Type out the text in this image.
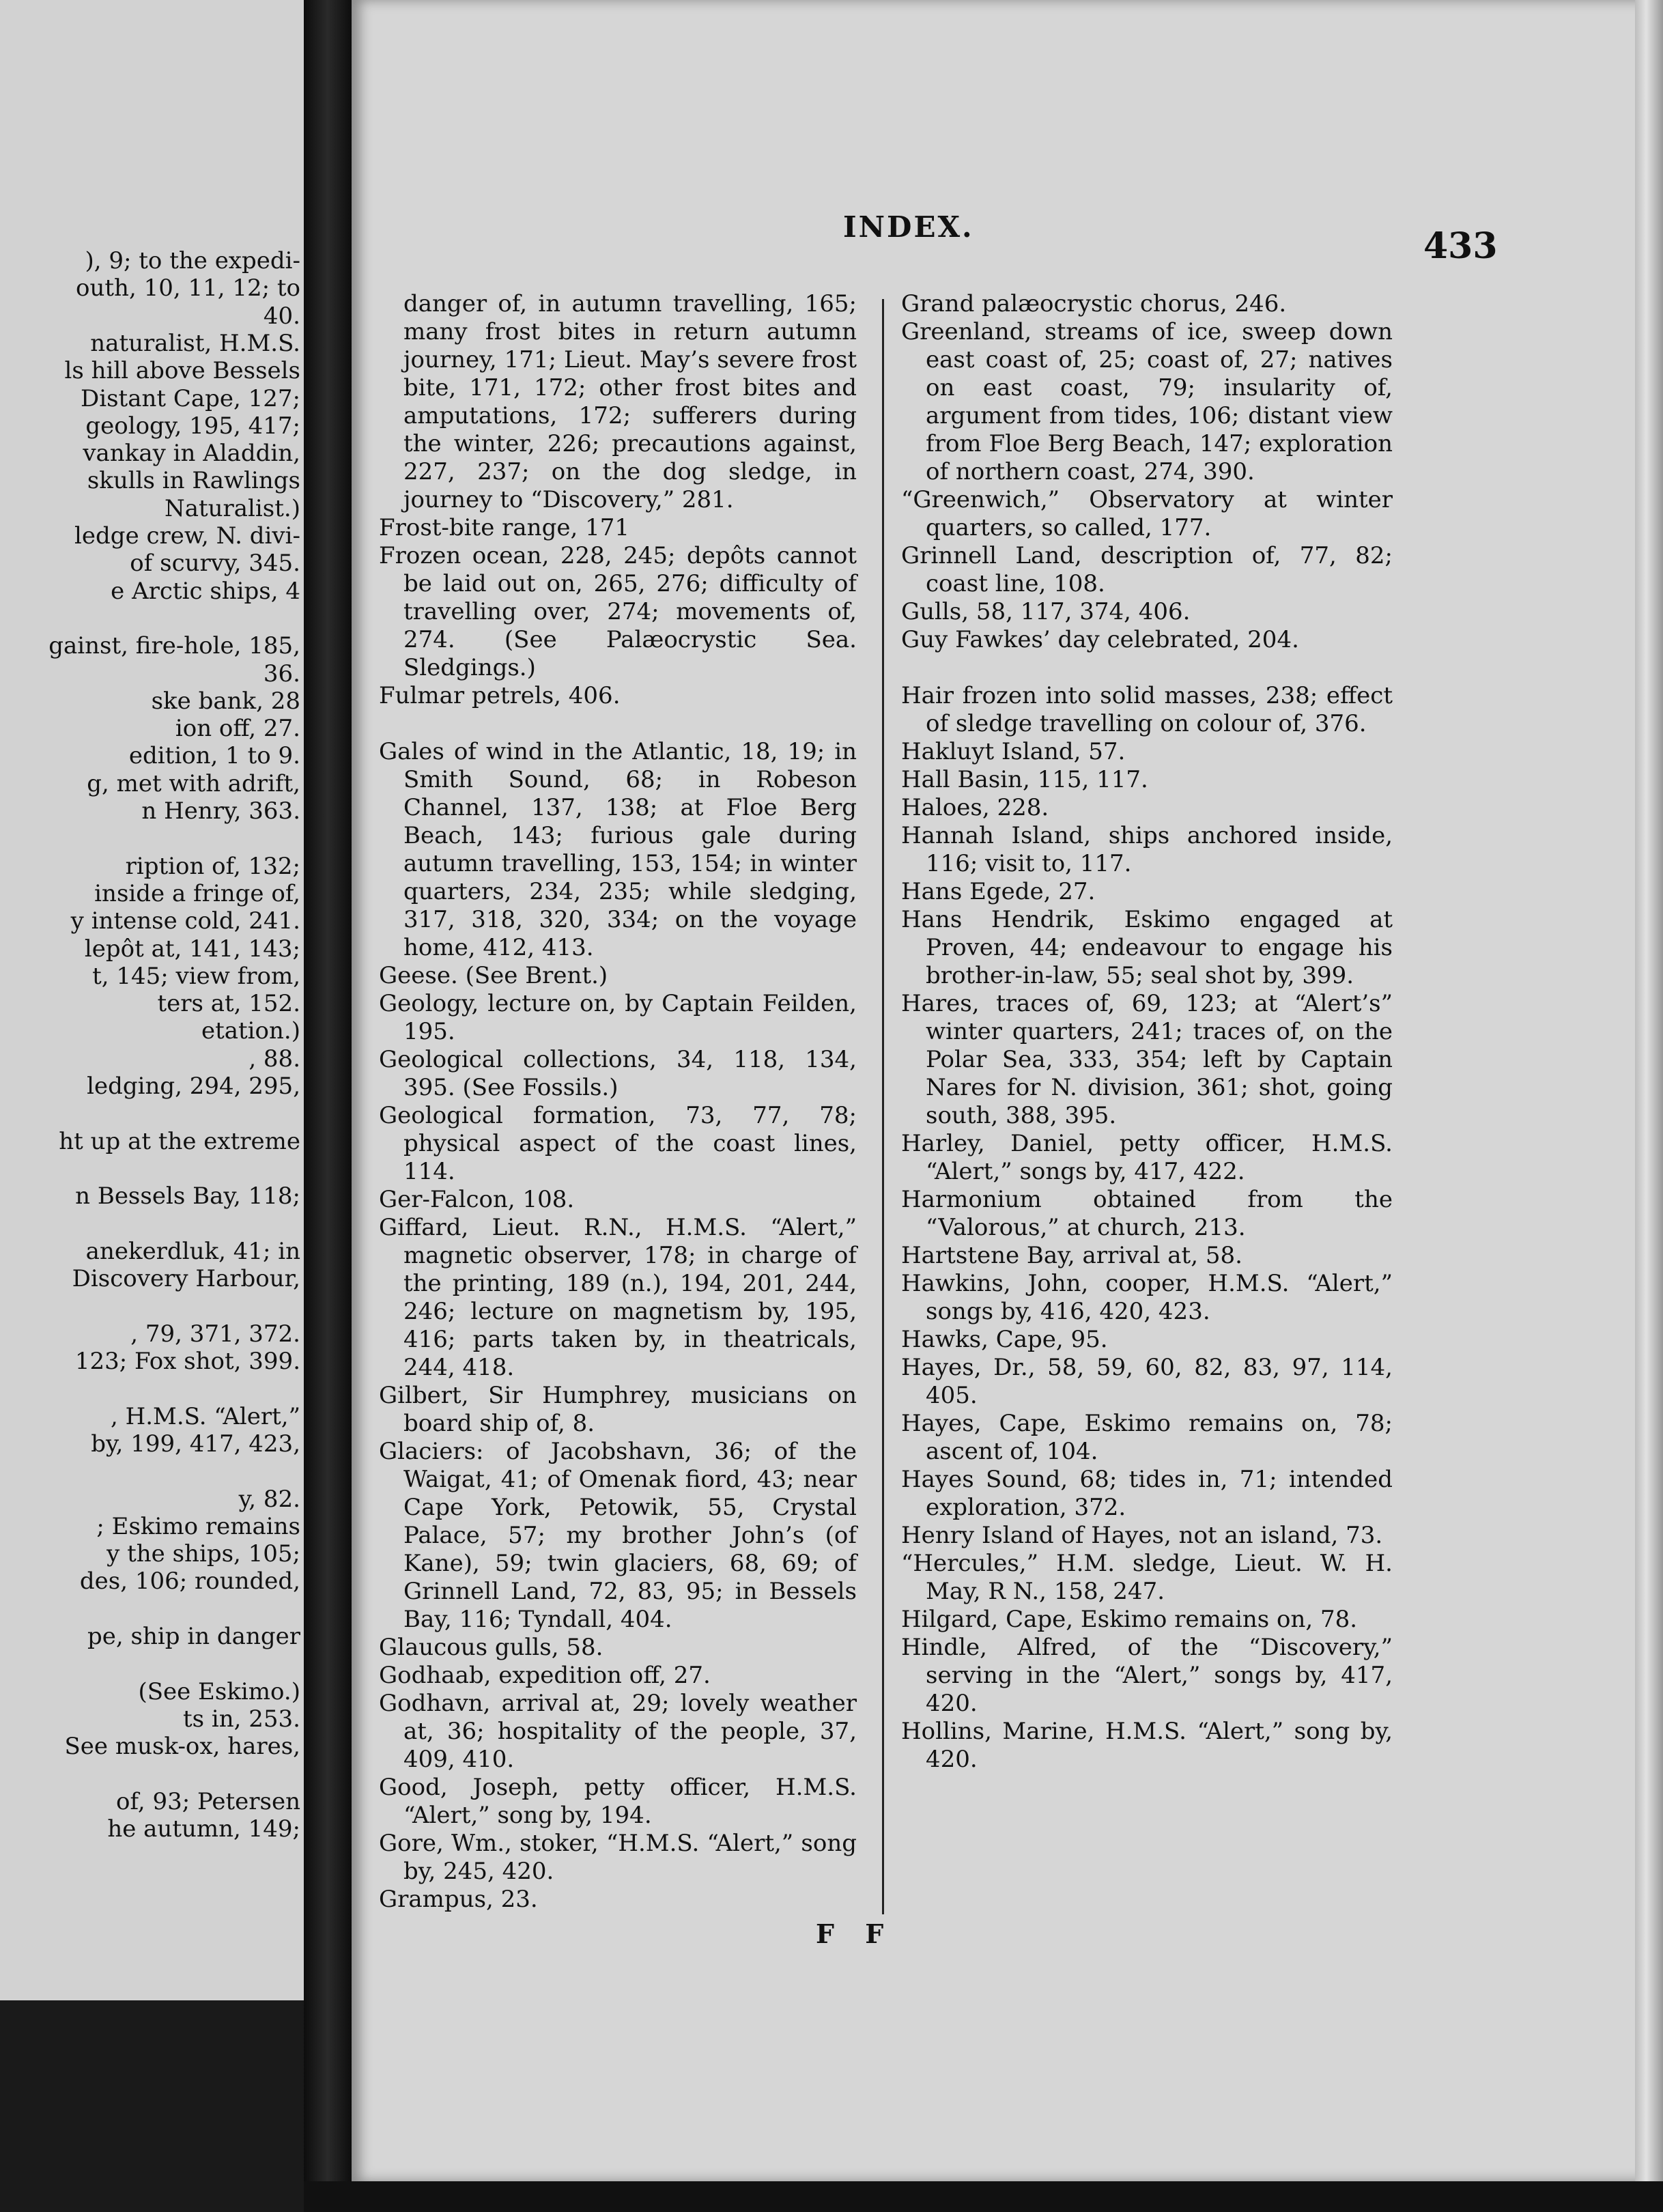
), 9; to the expedi-
outh, 10, 11, 12; to
40.
naturalist, H.M.S.
ls hill above Bessels
Distant Cape, 127;
geology, 195, 417;
vankay in Aladdin,
skulls in Rawlings
Naturalist.)
ledge crew, N. divi-
of scurvy, 345.
e Arctic ships, 4
gainst, fire-hole, 185,
36.
ske bank, 28
ion off, 27.
edition, 1 to 9.
g, met with adrift,
n Henry, 363.
ription of, 132;
inside a fringe of,
y intense cold, 241.
lepôt at, 141, 143;
t, 145; view from,
ters at, 152.
etation.)
, 88.
ledging, 294, 295,
ht up at the extreme
n Bessels Bay, 118;
anekerdluk, 41; in
Discovery Harbour,
, 79, 371, 372.
123; Fox shot, 399.
, H.M.S. “Alert,”
by, 199, 417, 423,
y, 82.
; Eskimo remains
y the ships, 105;
des, 106; rounded,
pe, ship in danger
(See Eskimo.)
ts in, 253.
See musk-ox, hares,
of, 93; Petersen
he autumn, 149;
INDEX.	433

danger of, in autumn travelling, 165; many frost bites in return autumn journey, 171; Lieut. May’s severe frost bite, 171, 172; other frost bites and amputations, 172; sufferers during the winter, 226; precautions against, 227, 237; on the dog sledge, in journey to “Discovery,” 281.

Frost-bite range, 171

Frozen ocean, 228, 245; depôts cannot be laid out on, 265, 276; difficulty of travelling over, 274; movements of, 274. (See Palæocrystic Sea. Sledgings.)

Fulmar petrels, 406.

Gales of wind in the Atlantic, 18, 19; in Smith Sound, 68; in Robeson Channel, 137, 138; at Floe Berg Beach, 143; furious gale during autumn travelling, 153, 154; in winter quarters, 234, 235; while sledging, 317, 318, 320, 334; on the voyage home, 412, 413.

Geese. (See Brent.)

Geology, lecture on, by Captain Feilden, 195.

Geological collections, 34, 118, 134, 395. (See Fossils.)

Geological formation, 73, 77, 78; physical aspect of the coast lines, 114.

Ger-Falcon, 108.

Giffard, Lieut. R.N., H.M.S. “Alert,” magnetic observer, 178; in charge of the printing, 189 (n.), 194, 201, 244, 246; lecture on magnetism by, 195, 416; parts taken by, in theatricals, 244, 418.

Gilbert, Sir Humphrey, musicians on board ship of, 8.

Glaciers: of Jacobshavn, 36; of the Waigat, 41; of Omenak fiord, 43; near Cape York, Petowik, 55, Crystal Palace, 57; my brother John’s (of Kane), 59; twin glaciers, 68, 69; of Grinnell Land, 72, 83, 95; in Bessels Bay, 116; Tyndall, 404.

Glaucous gulls, 58.

Godhaab, expedition off, 27.

Godhavn, arrival at, 29; lovely weather at, 36; hospitality of the people, 37, 409, 410.

Good, Joseph, petty officer, H.M.S. “Alert,” song by, 194.

Gore, Wm., stoker, “H.M.S. “Alert,” song by, 245, 420.

Grampus, 23.

Grand palæocrystic chorus, 246.

Greenland, streams of ice, sweep down east coast of, 25; coast of, 27; natives on east coast, 79; insularity of, argument from tides, 106; distant view from Floe Berg Beach, 147; exploration of northern coast, 274, 390.

“Greenwich,” Observatory at winter quarters, so called, 177.

Grinnell Land, description of, 77, 82; coast line, 108.

Gulls, 58, 117, 374, 406.

Guy Fawkes’ day celebrated, 204.

Hair frozen into solid masses, 238; effect of sledge travelling on colour of, 376.

Hakluyt Island, 57.

Hall Basin, 115, 117.

Haloes, 228.

Hannah Island, ships anchored inside, 116; visit to, 117.

Hans Egede, 27.

Hans Hendrik, Eskimo engaged at Proven, 44; endeavour to engage his brother-in-law, 55; seal shot by, 399.

Hares, traces of, 69, 123; at “Alert’s” winter quarters, 241; traces of, on the Polar Sea, 333, 354; left by Captain Nares for N. division, 361; shot, going south, 388, 395.

Harley, Daniel, petty officer, H.M.S. “Alert,” songs by, 417, 422.

Harmonium obtained from the “Valorous,” at church, 213.

Hartstene Bay, arrival at, 58.

Hawkins, John, cooper, H.M.S. “Alert,” songs by, 416, 420, 423.

Hawks, Cape, 95.

Hayes, Dr., 58, 59, 60, 82, 83, 97, 114, 405.

Hayes, Cape, Eskimo remains on, 78; ascent of, 104.

Hayes Sound, 68; tides in, 71; intended exploration, 372.

Henry Island of Hayes, not an island, 73.

“Hercules,” H.M. sledge, Lieut. W. H. May, R N., 158, 247.

Hilgard, Cape, Eskimo remains on, 78.

Hindle, Alfred, of the “Discovery,” serving in the “Alert,” songs by, 417, 420.

Hollins, Marine, H.M.S. “Alert,” song by, 420.

F F
